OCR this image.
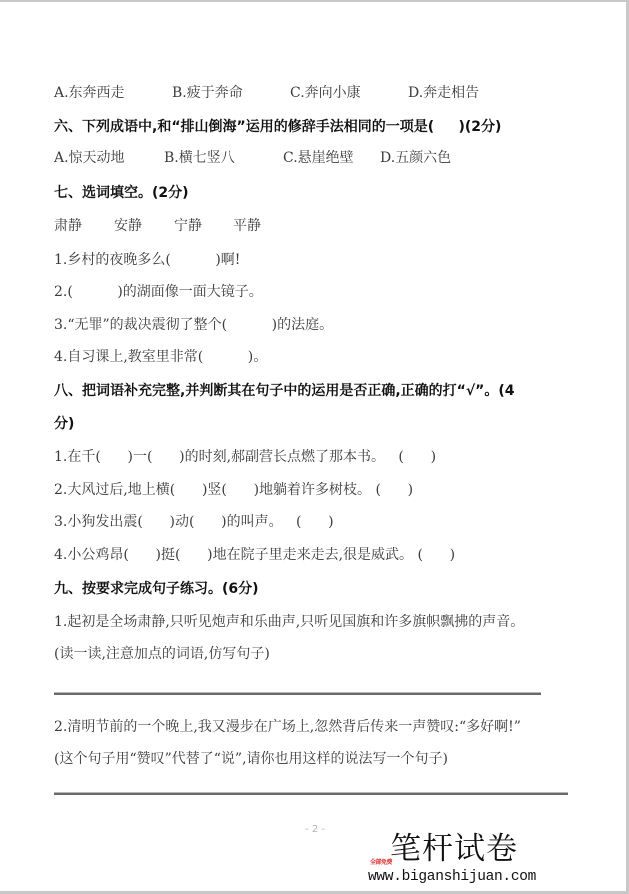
A.东奔西走

	B.疲于奔命

	C.奔向小康

	D.奔走相告

六、下列成语中,和“排山倒海”运用的修辞手法相同的一项是(     )(2分)

A.惊天动地

	B.横七竖八

	C.悬崖绝壁

D.五颜六色

七、选词填空。(2分)

肃静

安静

宁静

平静

1.乡村的夜晚多么(          )啊!
2.(          )的湖面像一面大镜子。
3.“无罪”的裁决震彻了整个(          )的法庭。
4.自习课上,教室里非常(          )。
八、把词语补充完整,并判断其在句子中的运用是否正确,正确的打“√”。(4
分)
1.在千(      )一(      )的时刻,郝副营长点燃了那本书。   (      )
2.大风过后,地上横(      )竖(      )地躺着许多树枝。 (      )
3.小狗发出震(      )动(      )的叫声。   (      )
4.小公鸡昂(      )挺(      )地在院子里走来走去,很是威武。 (      )
九、按要求完成句子练习。(6分)
1.起初是全场肃静,只听见炮声和乐曲声,只听见国旗和许多旗帜飘拂的声音。
(读一读,注意加点的词语,仿写句子)
2.清明节前的一个晚上,我又漫步在广场上,忽然背后传来一声赞叹:“多好啊!”
(这个句子用“赞叹”代替了“说”,请你也用这样的说法写一个句子)
- 2 -
全部免费
笔杆试卷
www.biganshijuan.com
